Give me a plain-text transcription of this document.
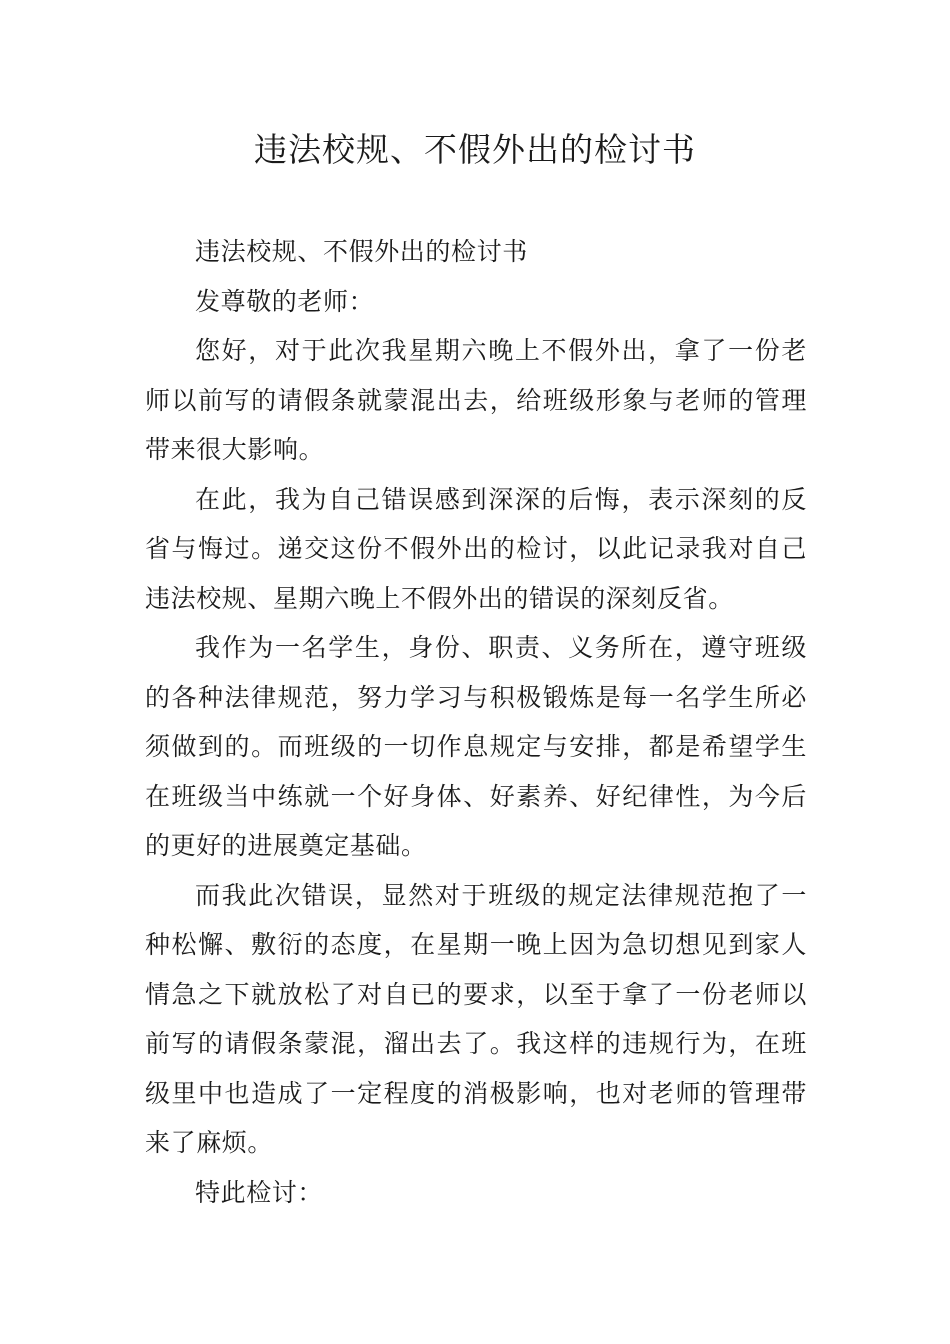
违法校规、不假外出的检讨书

违法校规、不假外出的检讨书

发尊敬的老师：

您好，对于此次我星期六晚上不假外出，拿了一份老师以前写的请假条就蒙混出去，给班级形象与老师的管理带来很大影响。

在此，我为自己错误感到深深的后悔，表示深刻的反省与悔过。递交这份不假外出的检讨，以此记录我对自己违法校规、星期六晚上不假外出的错误的深刻反省。

我作为一名学生，身份、职责、义务所在，遵守班级的各种法律规范，努力学习与积极锻炼是每一名学生所必须做到的。而班级的一切作息规定与安排，都是希望学生在班级当中练就一个好身体、好素养、好纪律性，为今后的更好的进展奠定基础。

而我此次错误，显然对于班级的规定法律规范抱了一种松懈、敷衍的态度，在星期一晚上因为急切想见到家人情急之下就放松了对自已的要求，以至于拿了一份老师以前写的请假条蒙混，溜出去了。我这样的违规行为，在班级里中也造成了一定程度的消极影响，也对老师的管理带来了麻烦。

特此检讨：
